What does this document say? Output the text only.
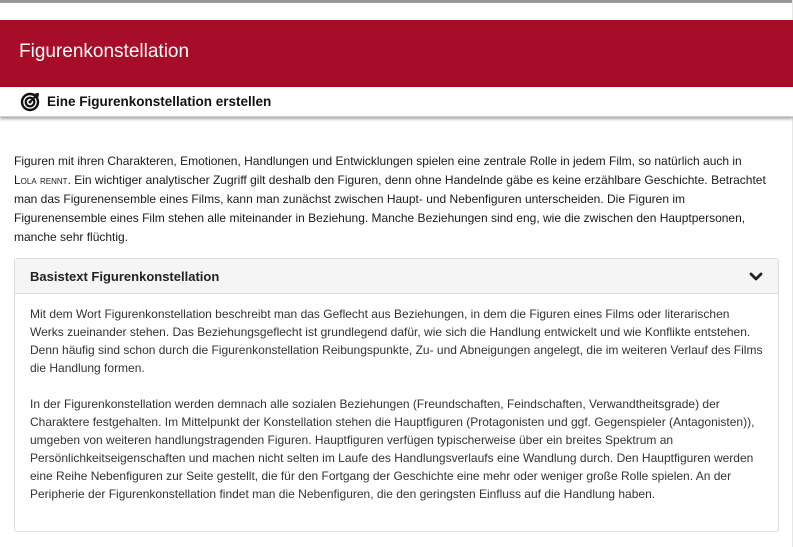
Figurenkonstellation
Eine Figurenkonstellation erstellen
Figuren mit ihren Charakteren, Emotionen, Handlungen und Entwicklungen spielen eine zentrale Rolle in jedem Film, so natürlich auch in Lola rennt. Ein wichtiger analytischer Zugriff gilt deshalb den Figuren, denn ohne Handelnde gäbe es keine erzählbare Geschichte. Betrachtet man das Figurenensemble eines Films, kann man zunächst zwischen Haupt- und Nebenfiguren unterscheiden. Die Figuren im Figurenensemble eines Film stehen alle miteinander in Beziehung. Manche Beziehungen sind eng, wie die zwischen den Hauptpersonen, manche sehr flüchtig.
Basistext Figurenkonstellation

Mit dem Wort Figurenkonstellation beschreibt man das Geflecht aus Beziehungen, in dem die Figuren eines Films oder literarischen Werks zueinander stehen. Das Beziehungsgeflecht ist grundlegend dafür, wie sich die Handlung entwickelt und wie Konflikte entstehen. Denn häufig sind schon durch die Figurenkonstellation Reibungspunkte, Zu- und Abneigungen angelegt, die im weiteren Verlauf des Films die Handlung formen.

In der Figurenkonstellation werden demnach alle sozialen Beziehungen (Freundschaften, Feindschaften, Verwandtheitsgrade) der Charaktere festgehalten. Im Mittelpunkt der Konstellation stehen die Hauptfiguren (Protagonisten und ggf. Gegenspieler (Antagonisten)), umgeben von weiteren handlungstragenden Figuren. Hauptfiguren verfügen typischerweise über ein breites Spektrum an Persönlichkeitseigenschaften und machen nicht selten im Laufe des Handlungsverlaufs eine Wandlung durch. Den Hauptfiguren werden eine Reihe Nebenfiguren zur Seite gestellt, die für den Fortgang der Geschichte eine mehr oder weniger große Rolle spielen. An der Peripherie der Figurenkonstellation findet man die Nebenfiguren, die den geringsten Einfluss auf die Handlung haben.
